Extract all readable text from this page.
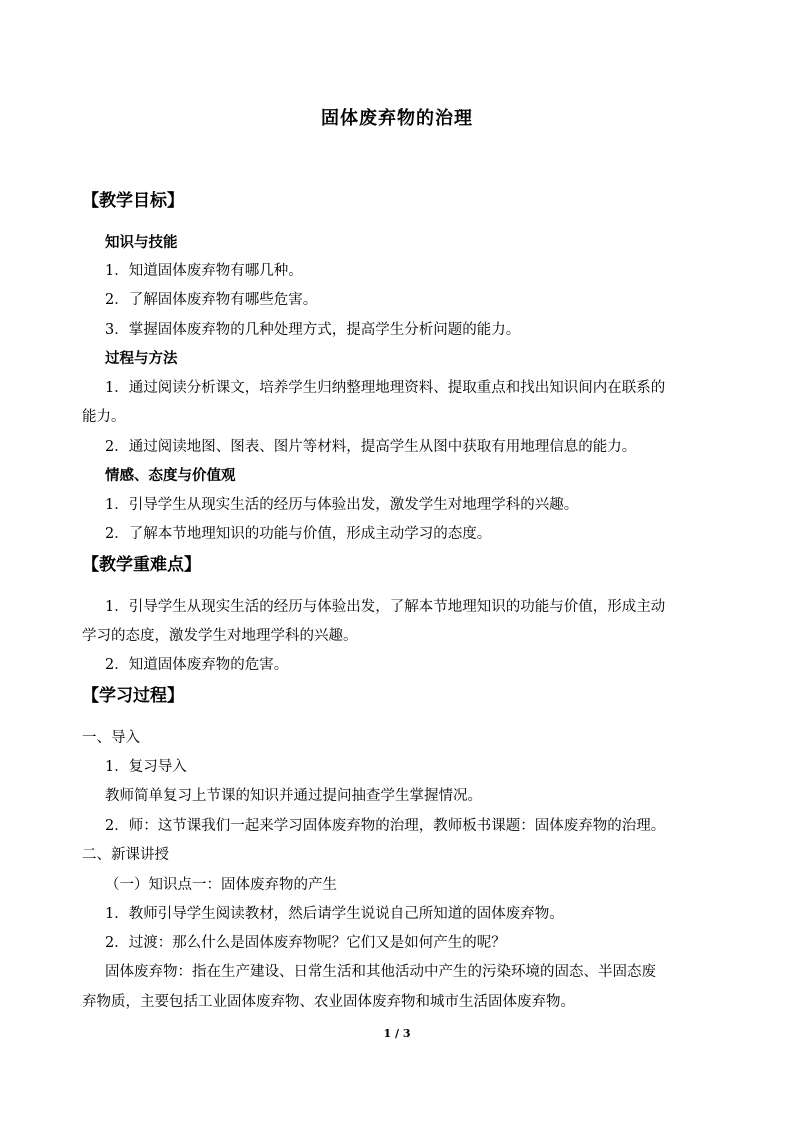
固体废弃物的治理
【教学目标】
知识与技能
1．知道固体废弃物有哪几种。
2．了解固体废弃物有哪些危害。
3．掌握固体废弃物的几种处理方式，提高学生分析问题的能力。
过程与方法
1．通过阅读分析课文，培养学生归纳整理地理资料、提取重点和找出知识间内在联系的
能力。
2．通过阅读地图、图表、图片等材料，提高学生从图中获取有用地理信息的能力。
情感、态度与价值观
1．引导学生从现实生活的经历与体验出发，激发学生对地理学科的兴趣。
2．了解本节地理知识的功能与价值，形成主动学习的态度。
【教学重难点】
1．引导学生从现实生活的经历与体验出发，了解本节地理知识的功能与价值，形成主动
学习的态度，激发学生对地理学科的兴趣。
2．知道固体废弃物的危害。
【学习过程】
一、导入
1．复习导入
教师简单复习上节课的知识并通过提问抽查学生掌握情况。
2．师：这节课我们一起来学习固体废弃物的治理，教师板书课题：固体废弃物的治理。
二、新课讲授
（一）知识点一：固体废弃物的产生
1．教师引导学生阅读教材，然后请学生说说自己所知道的固体废弃物。
2．过渡：那么什么是固体废弃物呢？它们又是如何产生的呢？
固体废弃物：指在生产建设、日常生活和其他活动中产生的污染环境的固态、半固态废
弃物质，主要包括工业固体废弃物、农业固体废弃物和城市生活固体废弃物。
1 / 3
